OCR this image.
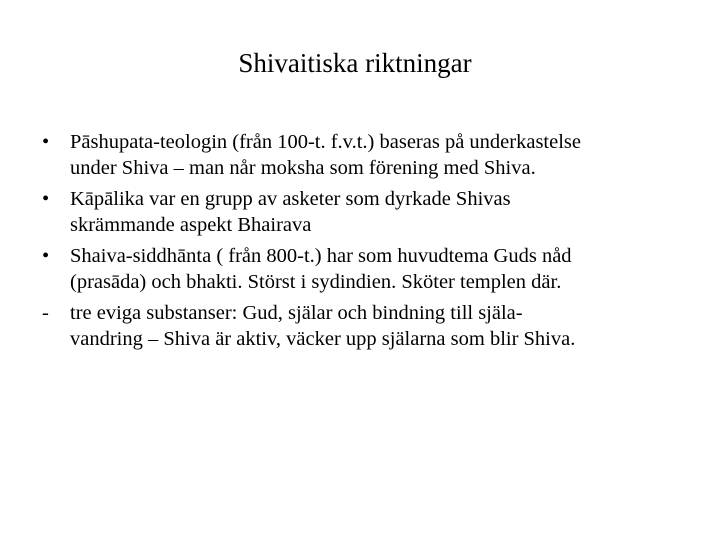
Shivaitiska riktningar
•	Pāshupata-teologin (från 100-t. f.v.t.) baseras på underkastelse
under Shiva – man når moksha som förening med Shiva.
•	Kāpālika var en grupp av asketer som dyrkade Shivas
skrämmande aspekt Bhairava
•	Shaiva-siddhānta ( från 800-t.) har som huvudtema Guds nåd
(prasāda) och bhakti. Störst i sydindien. Sköter templen där.
-	tre eviga substanser: Gud, själar och bindning till själa-
vandring – Shiva är aktiv, väcker upp själarna som blir Shiva.
